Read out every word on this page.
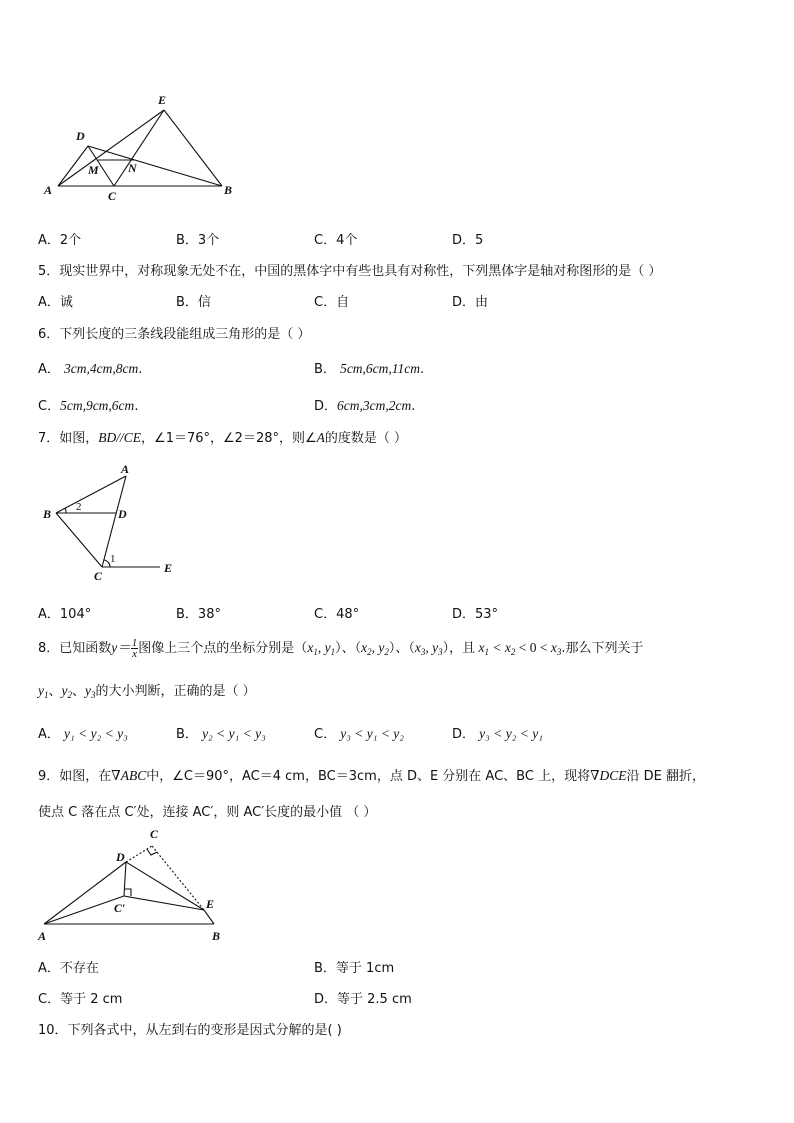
E
D
M N
A	C	B
A．2个	B．3个	C．4个	D．5
5．现实世界中，对称现象无处不在，中国的黑体字中有些也具有对称性，下列黑体字是轴对称图形的是（ ）
A．诚	B．信	C．自	D．由
6．下列长度的三条线段能组成三角形的是（ ）
A． 3cm,4cm,8cm.	B． 5cm,6cm,11cm.
C．5cm,9cm,6cm.	D．6cm,3cm,2cm.
7．如图，BD//CE，∠1＝76°，∠2＝28°，则∠A的度数是（ ）
A
B	D
C
E
1
2
A．104°	B．38°	C．48°	D．53°
8．已知函数$y= \frac{1}{x}$ 图像上三个点的坐标分别是（$x_1$, $y_1$）、（$x_2$, $y_2$）、（$x_3$, $y_3$），且 $x_1 < x_2 < 0 < x_3$.那么下列关于
$y_1$、$y_2$、$y_3$的大小判断，正确的是（ ）
A． y₁ < y₂ < y₃	B． y₂ < y₁ < y₃	C． y₃ < y₁ < y₂	D． y₃ < y₂ < y₁
9．如图，在∇ABC中，∠C＝90°，AC＝4 cm，BC＝3cm，点 D、E 分别在 AC、BC 上，现将∇DCE沿 DE 翻折，
使点 C 落在点 C′处，连接 AC′，则 AC′长度的最小值 （ ）
C
D
C′	E
A	B
A．不存在	B．等于 1cm
C．等于 2 cm	D．等于 2.5 cm
10．下列各式中，从左到右的变形是因式分解的是( )
